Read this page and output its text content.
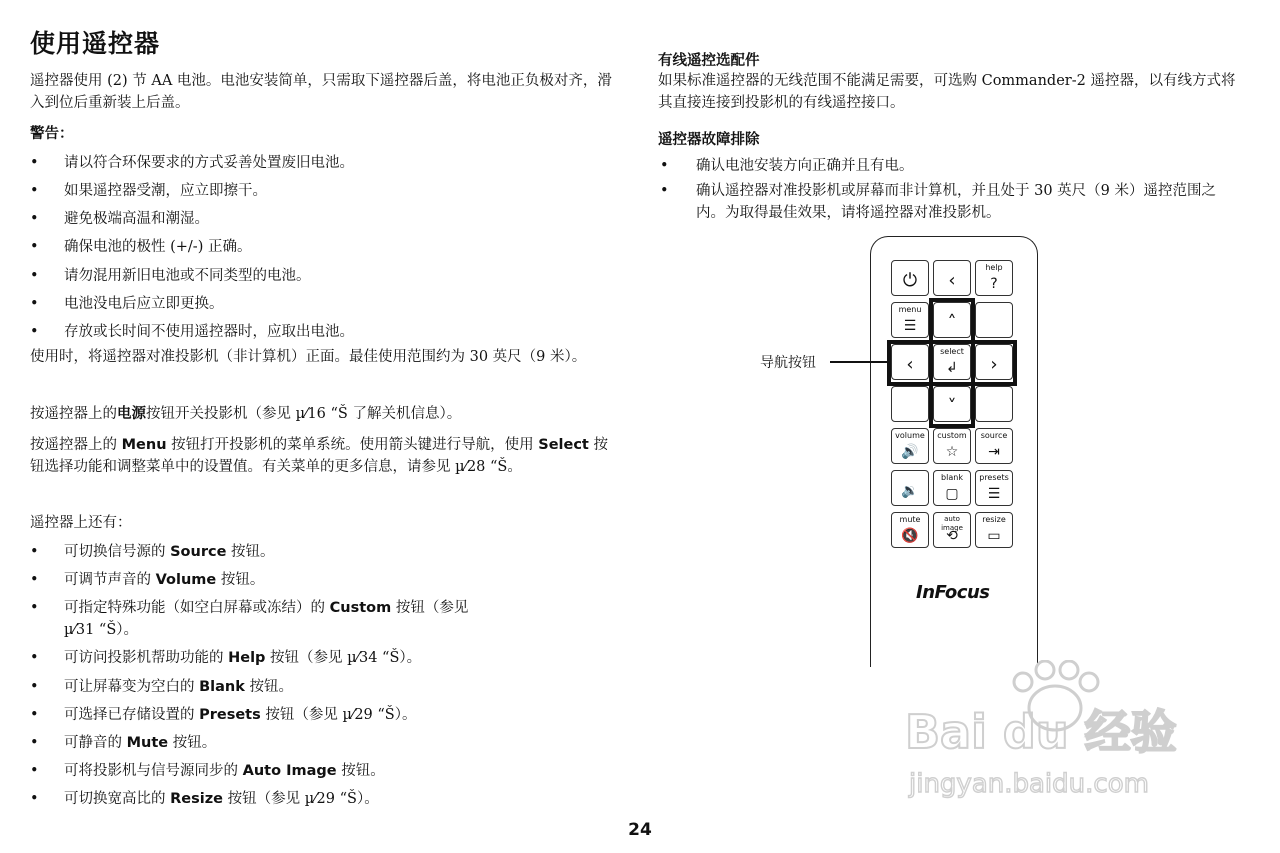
使用遥控器

遥控器使用 (2) 节 AA 电池。电池安装简单，只需取下遥控器后盖，将电池正负极对齐，滑入到位后重新装上后盖。

警告：
• 请以符合环保要求的方式妥善处置废旧电池。
• 如果遥控器受潮，应立即擦干。
• 避免极端高温和潮湿。
• 确保电池的极性 (+/-) 正确。
• 请勿混用新旧电池或不同类型的电池。
• 电池没电后应立即更换。
• 存放或长时间不使用遥控器时，应取出电池。

使用时，将遥控器对准投影机（非计算机）正面。最佳使用范围约为 30 英尺（9 米）。

按遥控器上的电源按钮开关投影机（参见 µ⁄16 “Š 了解关机信息）。

按遥控器上的 Menu 按钮打开投影机的菜单系统。使用箭头键进行导航，使用 Select 按钮选择功能和调整菜单中的设置值。有关菜单的更多信息，请参见 µ⁄28 “Š。

遥控器上还有：

• 可切换信号源的 Source 按钮。
• 可调节声音的 Volume 按钮。
• 可指定特殊功能（如空白屏幕或冻结）的 Custom 按钮（参见
µ⁄31 “Š）。
• 可访问投影机帮助功能的 Help 按钮（参见 µ⁄34 “Š）。
• 可让屏幕变为空白的 Blank 按钮。
• 可选择已存储设置的 Presets 按钮（参见 µ⁄29 “Š）。
• 可静音的 Mute 按钮。
• 可将投影机与信号源同步的 Auto Image 按钮。
• 可切换宽高比的 Resize 按钮（参见 µ⁄29 “Š）。
有线遥控选配件

如果标准遥控器的无线范围不能满足需要，可选购 Commander-2 遥控器，以有线方式将其直接连接到投影机的有线遥控接口。

遥控器故障排除
• 确认电池安装方向正确并且有电。
• 确认遥控器对准投影机或屏幕而非计算机，并且处于 30 英尺（9 米）遥控范围之内。为取得最佳效果，请将遥控器对准投影机。
⏻	‹
help
?
menu
☰	˄
‹
select
↲	›
˅
volume
🔊
custom
☆
source
⇥
🔉
blank
▢
presets
☰
mute
🔇
auto image
⟲
resize
▭
InFocus
导航按钮
Bai du 经验
jingyan.baidu.com
24
